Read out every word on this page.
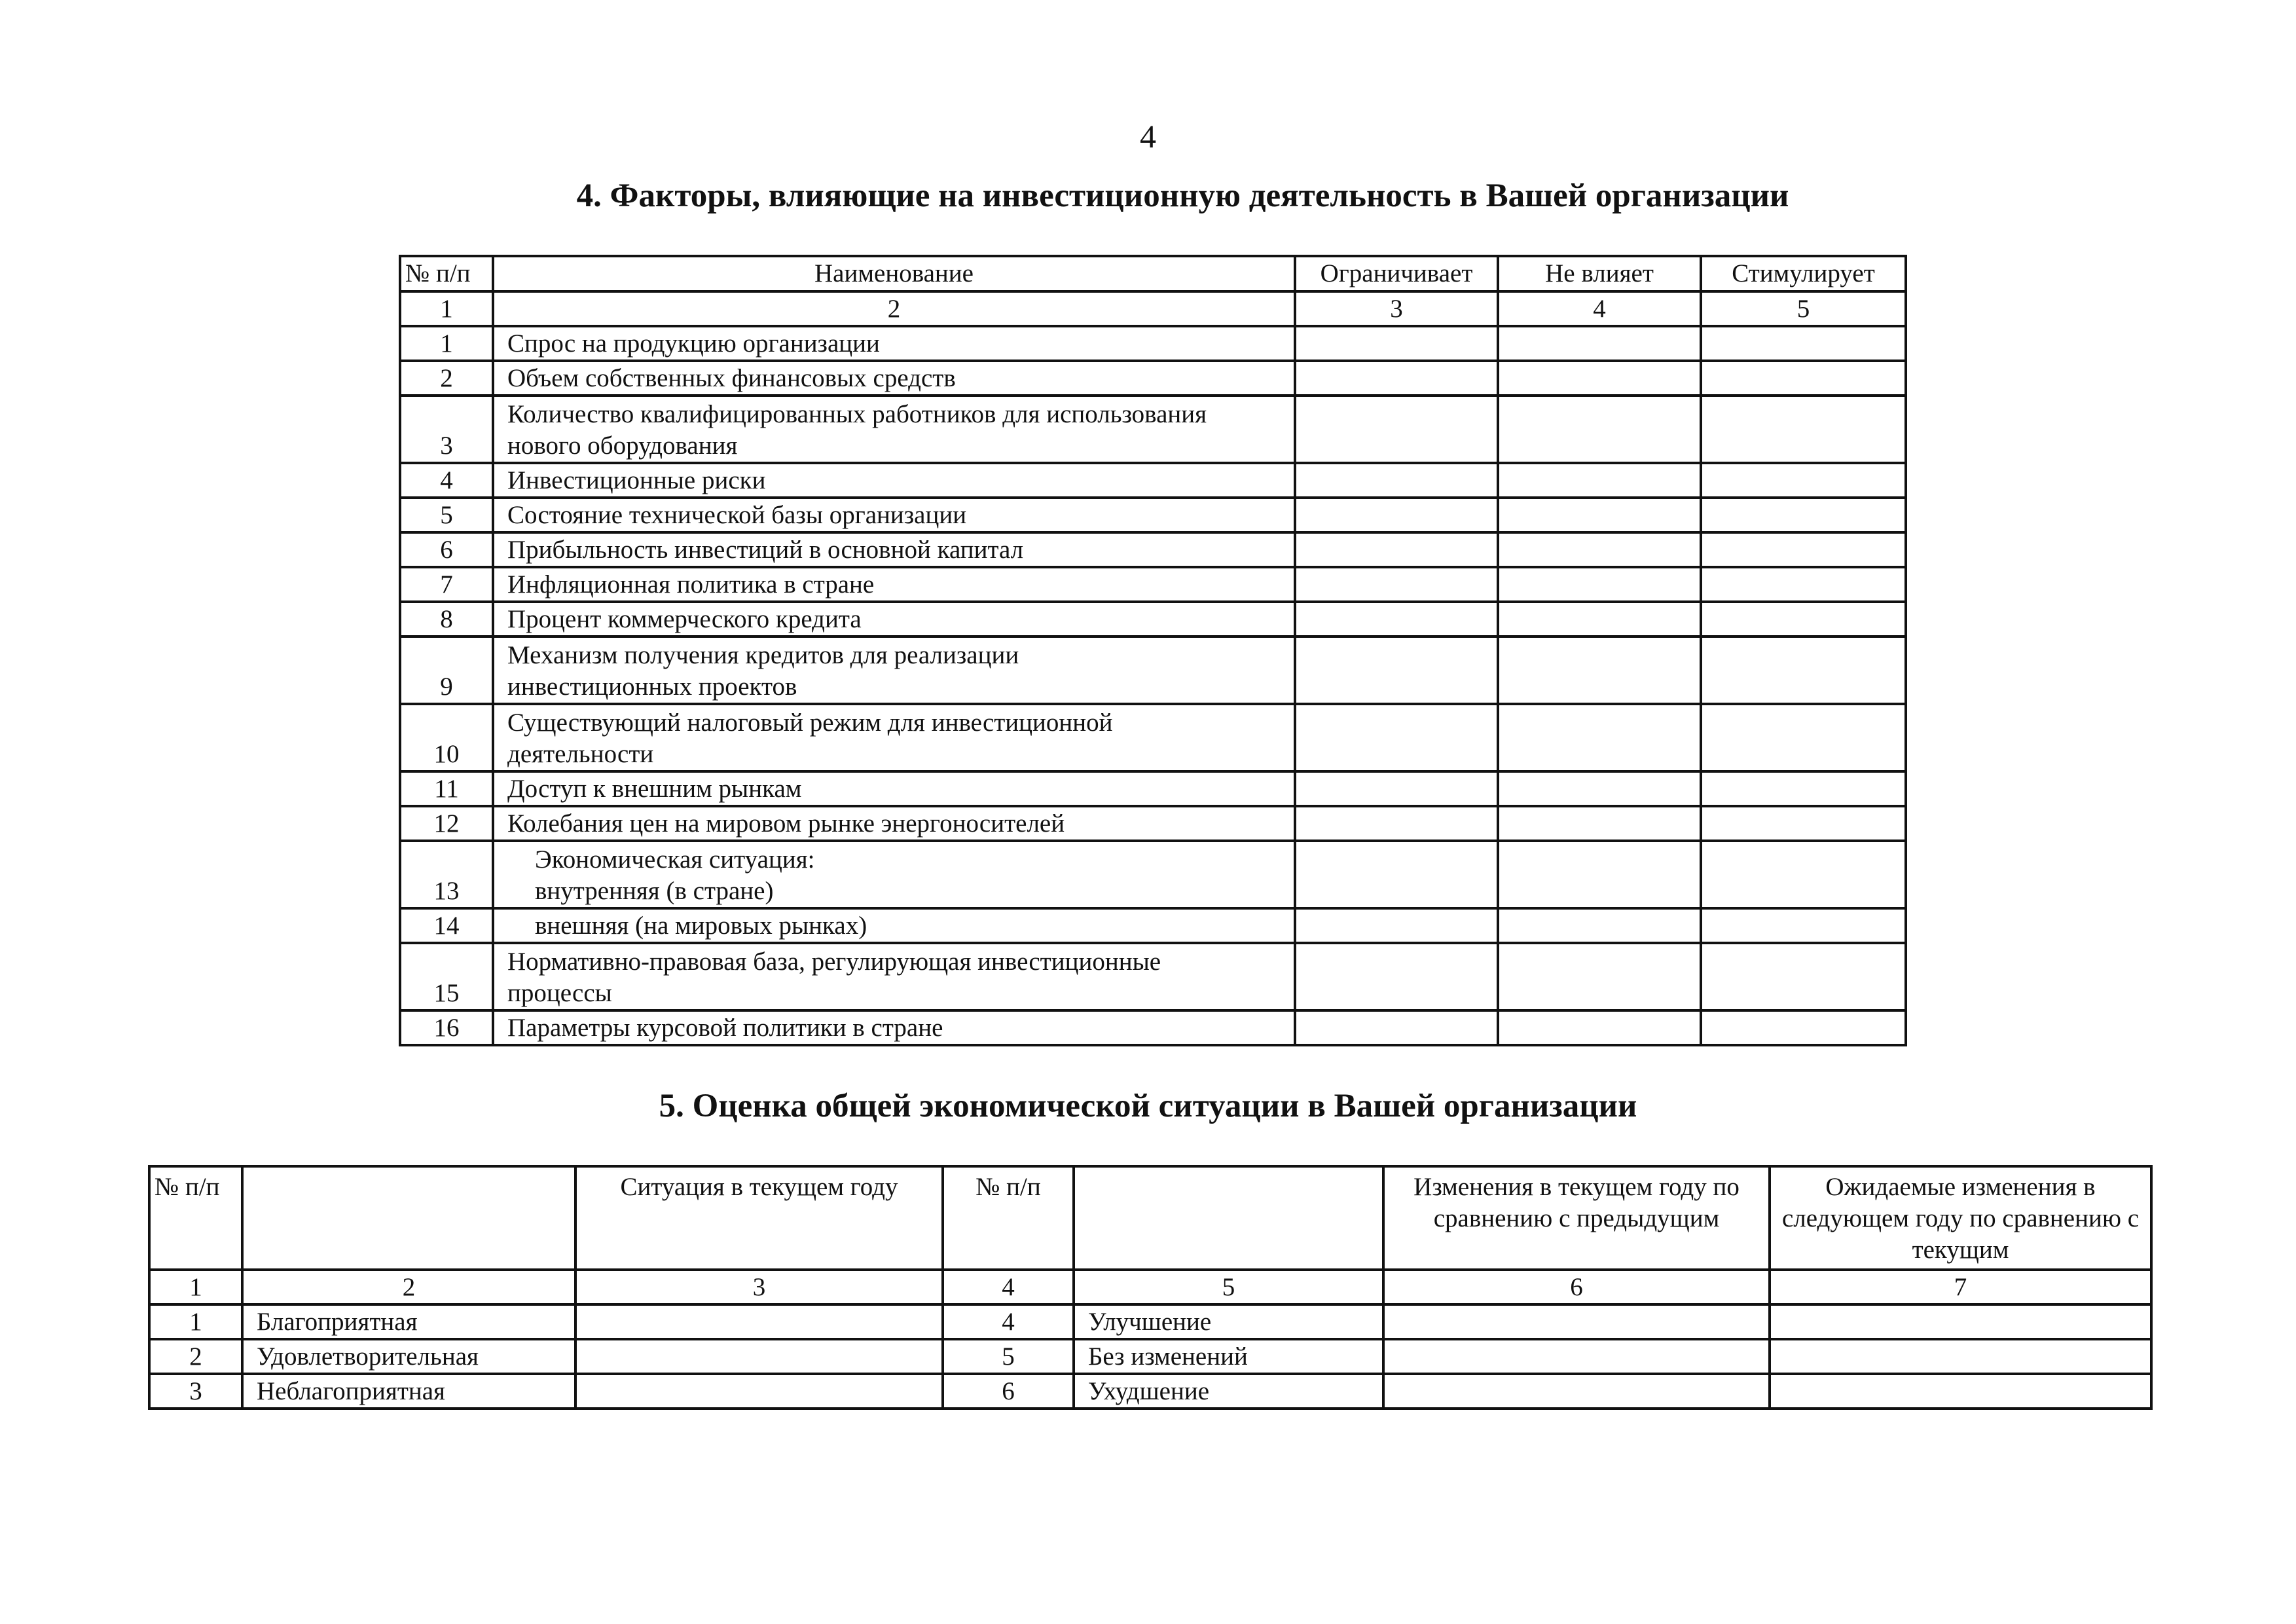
4
4. Факторы, влияющие на инвестиционную деятельность в Вашей организации
№ п/п	Наименование	Ограничивает	Не влияет	Стимулирует
1	2	3	4	5
1	Спрос на продукцию организации			

2	Объем собственных финансовых средств			

3	Количество квалифицированных работников для использования
нового оборудования			

4	Инвестиционные риски			

5	Состояние технической базы организации			

6	Прибыльность инвестиций в основной капитал			

7	Инфляционная политика в стране			

8	Процент коммерческого кредита			

9	Механизм получения кредитов для реализации
инвестиционных проектов			

10	Существующий налоговый режим для инвестиционной
деятельности			

11	Доступ к внешним рынкам			

12	Колебания цен на мировом рынке энергоносителей			

13	Экономическая ситуация:
внутренняя (в стране)			

14	внешняя (на мировых рынках)			

15	Нормативно-правовая база, регулирующая инвестиционные
процессы			

16	Параметры курсовой политики в стране			

5. Оценка общей экономической ситуации в Вашей организации
№ п/п		Ситуация в текущем году	№ п/п		Изменения в текущем году по сравнению с предыдущим	Ожидаемые изменения в следующем году по сравнению с текущим
1	2	3	4	5	6	7
1	Благоприятная		4	Улучшение		
2	Удовлетворительная		5	Без изменений		
3	Неблагоприятная		6	Ухудшение		
